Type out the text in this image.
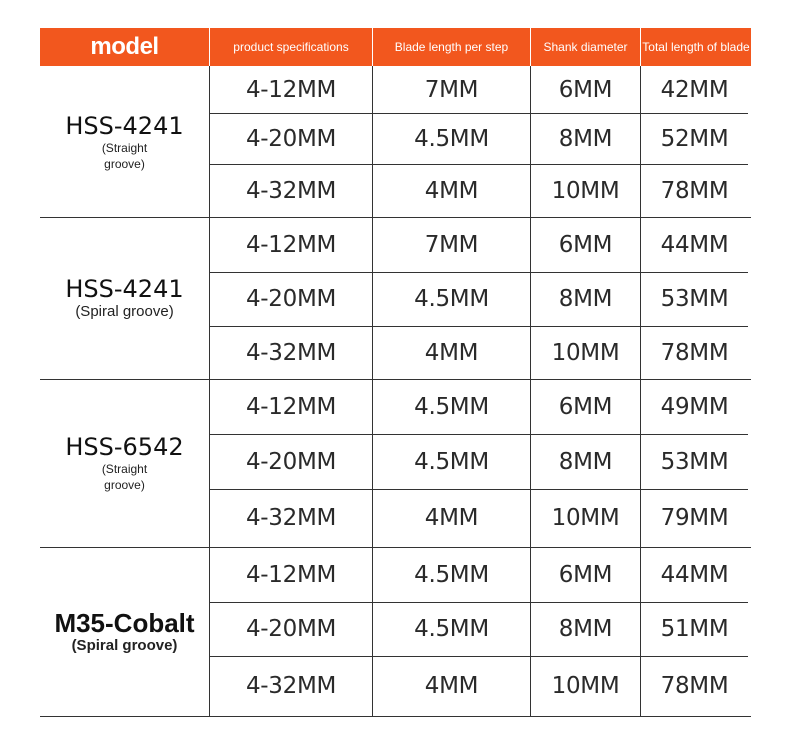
model	product specifications	Blade length per step	Shank diameter	Total length of blade
HSS-4241
(Straight groove)
4-12MM	7MM	6MM	42MM
4-20MM	4.5MM	8MM	52MM
4-32MM	4MM	10MM	78MM
HSS-4241
(Spiral groove)
4-12MM	7MM	6MM	44MM
4-20MM	4.5MM	8MM	53MM
4-32MM	4MM	10MM	78MM
HSS-6542
(Straight groove)
4-12MM	4.5MM	6MM	49MM
4-20MM	4.5MM	8MM	53MM
4-32MM	4MM	10MM	79MM
M35-Cobalt
(Spiral groove)
4-12MM	4.5MM	6MM	44MM
4-20MM	4.5MM	8MM	51MM
4-32MM	4MM	10MM	78MM
